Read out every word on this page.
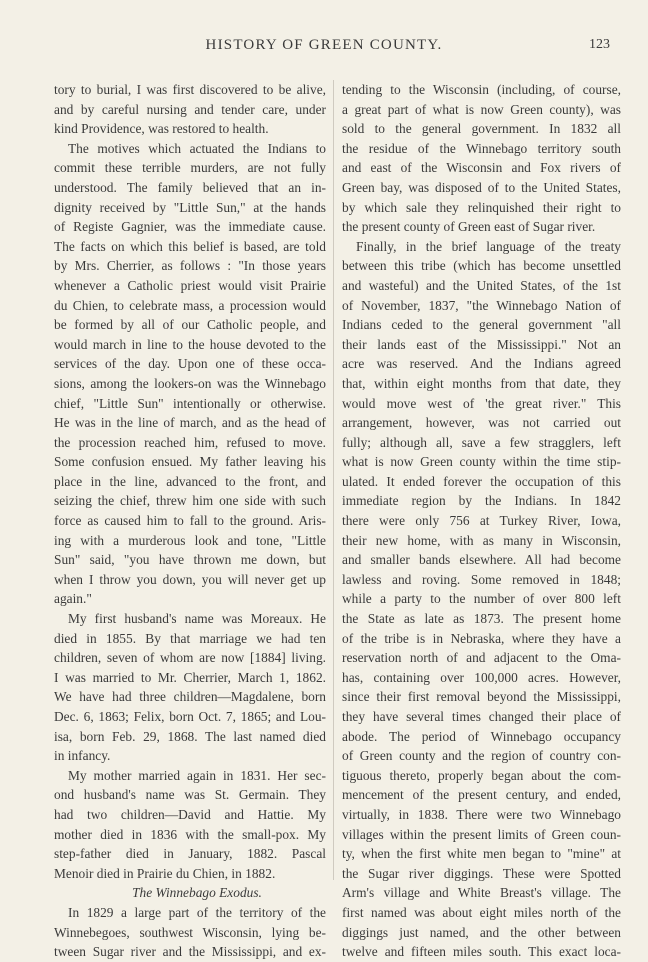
HISTORY OF GREEN COUNTY.	123
tory to burial, I was first discovered to be alive,
and by careful nursing and tender care, under
kind Providence, was restored to health.
The motives which actuated the Indians to
commit these terrible murders, are not fully
understood. The family believed that an in-
dignity received by "Little Sun," at the hands
of Registe Gagnier, was the immediate cause.
The facts on which this belief is based, are told
by Mrs. Cherrier, as follows : "In those years
whenever a Catholic priest would visit Prairie
du Chien, to celebrate mass, a procession would
be formed by all of our Catholic people, and
would march in line to the house devoted to the
services of the day. Upon one of these occa-
sions, among the lookers-on was the Winnebago
chief, "Little Sun" intentionally or otherwise.
He was in the line of march, and as the head of
the procession reached him, refused to move.
Some confusion ensued. My father leaving his
place in the line, advanced to the front, and
seizing the chief, threw him one side with such
force as caused him to fall to the ground. Aris-
ing with a murderous look and tone, "Little
Sun" said, "you have thrown me down, but
when I throw you down, you will never get up
again."
My first husband's name was Moreaux. He
died in 1855. By that marriage we had ten
children, seven of whom are now [1884] living.
I was married to Mr. Cherrier, March 1, 1862.
We have had three children—Magdalene, born
Dec. 6, 1863; Felix, born Oct. 7, 1865; and Lou-
isa, born Feb. 29, 1868. The last named died
in infancy.
My mother married again in 1831. Her sec-
ond husband's name was St. Germain. They
had two children—David and Hattie. My
mother died in 1836 with the small-pox. My
step-father died in January, 1882. Pascal
Menoir died in Prairie du Chien, in 1882.
The Winnebago Exodus.
In 1829 a large part of the territory of the
Winnebegoes, southwest Wisconsin, lying be-
tween Sugar river and the Mississippi, and ex-
tending to the Wisconsin (including, of course,
a great part of what is now Green county), was
sold to the general government. In 1832 all
the residue of the Winnebago territory south
and east of the Wisconsin and Fox rivers of
Green bay, was disposed of to the United States,
by which sale they relinquished their right to
the present county of Green east of Sugar river.
Finally, in the brief language of the treaty
between this tribe (which has become unsettled
and wasteful) and the United States, of the 1st
of November, 1837, "the Winnebago Nation of
Indians ceded to the general government "all
their lands east of the Mississippi." Not an
acre was reserved. And the Indians agreed
that, within eight months from that date, they
would move west of 'the great river." This
arrangement, however, was not carried out
fully; although all, save a few stragglers, left
what is now Green county within the time stip-
ulated. It ended forever the occupation of this
immediate region by the Indians. In 1842
there were only 756 at Turkey River, Iowa,
their new home, with as many in Wisconsin,
and smaller bands elsewhere. All had become
lawless and roving. Some removed in 1848;
while a party to the number of over 800 left
the State as late as 1873. The present home
of the tribe is in Nebraska, where they have a
reservation north of and adjacent to the Oma-
has, containing over 100,000 acres. However,
since their first removal beyond the Mississippi,
they have several times changed their place of
abode. The period of Winnebago occupancy
of Green county and the region of country con-
tiguous thereto, properly began about the com-
mencement of the present century, and ended,
virtually, in 1838. There were two Winnebago
villages within the present limits of Green coun-
ty, when the first white men began to "mine" at
the Sugar river diggings. These were Spotted
Arm's village and White Breast's village. The
first named was about eight miles north of the
diggings just named, and the other between
twelve and fifteen miles south. This exact loca-
